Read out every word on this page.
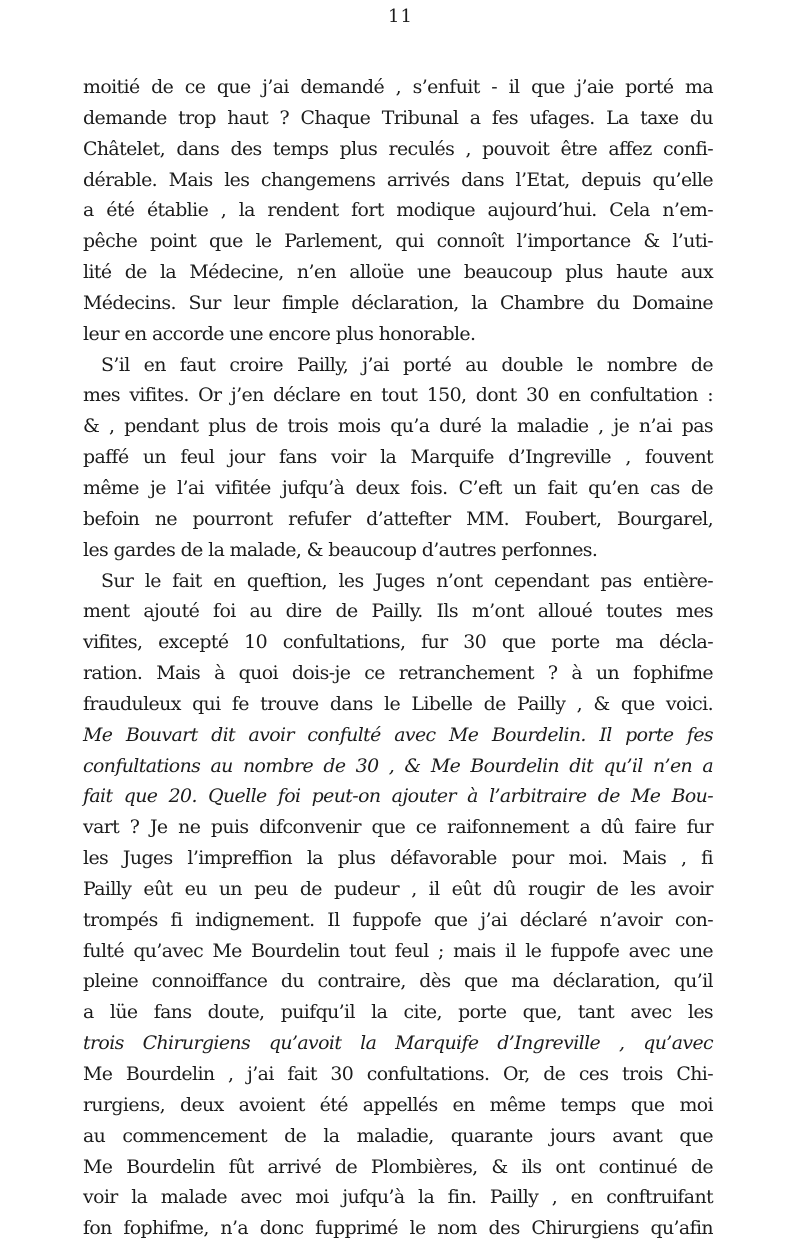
11
moitié de ce que j’ai demandé , s’enfuit - il que j’aie porté ma
demande trop haut ? Chaque Tribunal a fes ufages. La taxe du
Châtelet, dans des temps plus reculés , pouvoit être affez confi-
dérable. Mais les changemens arrivés dans l’Etat, depuis qu’elle
a été établie , la rendent fort modique aujourd’hui. Cela n’em-
pêche point que le Parlement, qui connoît l’importance & l’uti-
lité de la Médecine, n’en alloüe une beaucoup plus haute aux
Médecins. Sur leur fimple déclaration, la Chambre du Domaine
leur en accorde une encore plus honorable.
S’il en faut croire Pailly, j’ai porté au double le nombre de
mes vifites. Or j’en déclare en tout 150, dont 30 en confultation :
& , pendant plus de trois mois qu’a duré la maladie , je n’ai pas
paffé un feul jour fans voir la Marquife d’Ingreville , fouvent
même je l’ai vifitée jufqu’à deux fois. C’eft un fait qu’en cas de
befoin ne pourront refufer d’attefter MM. Foubert, Bourgarel,
les gardes de la malade, & beaucoup d’autres perfonnes.
Sur le fait en queftion, les Juges n’ont cependant pas entière-
ment ajouté foi au dire de Pailly. Ils m’ont alloué toutes mes
vifites, excepté 10 confultations, fur 30 que porte ma décla-
ration. Mais à quoi dois-je ce retranchement ? à un fophifme
frauduleux qui fe trouve dans le Libelle de Pailly , & que voici.
Me Bouvart dit avoir confulté avec Me Bourdelin. Il porte fes
confultations au nombre de 30 , & Me Bourdelin dit qu’il n’en a
fait que 20. Quelle foi peut-on ajouter à l’arbitraire de Me Bou-
vart ? Je ne puis difconvenir que ce raifonnement a dû faire fur
les Juges l’impreffion la plus défavorable pour moi. Mais , fi
Pailly eût eu un peu de pudeur , il eût dû rougir de les avoir
trompés fi indignement. Il fuppofe que j’ai déclaré n’avoir con-
fulté qu’avec Me Bourdelin tout feul ; mais il le fuppofe avec une
pleine connoiffance du contraire, dès que ma déclaration, qu’il
a lüe fans doute, puifqu’il la cite, porte que, tant avec les
trois Chirurgiens qu’avoit la Marquife d’Ingreville , qu’avec
Me Bourdelin , j’ai fait 30 confultations. Or, de ces trois Chi-
rurgiens, deux avoient été appellés en même temps que moi
au commencement de la maladie, quarante jours avant que
Me Bourdelin fût arrivé de Plombières, & ils ont continué de
voir la malade avec moi jufqu’à la fin. Pailly , en conftruifant
fon fophifme, n’a donc fupprimé le nom des Chirurgiens qu’afin
